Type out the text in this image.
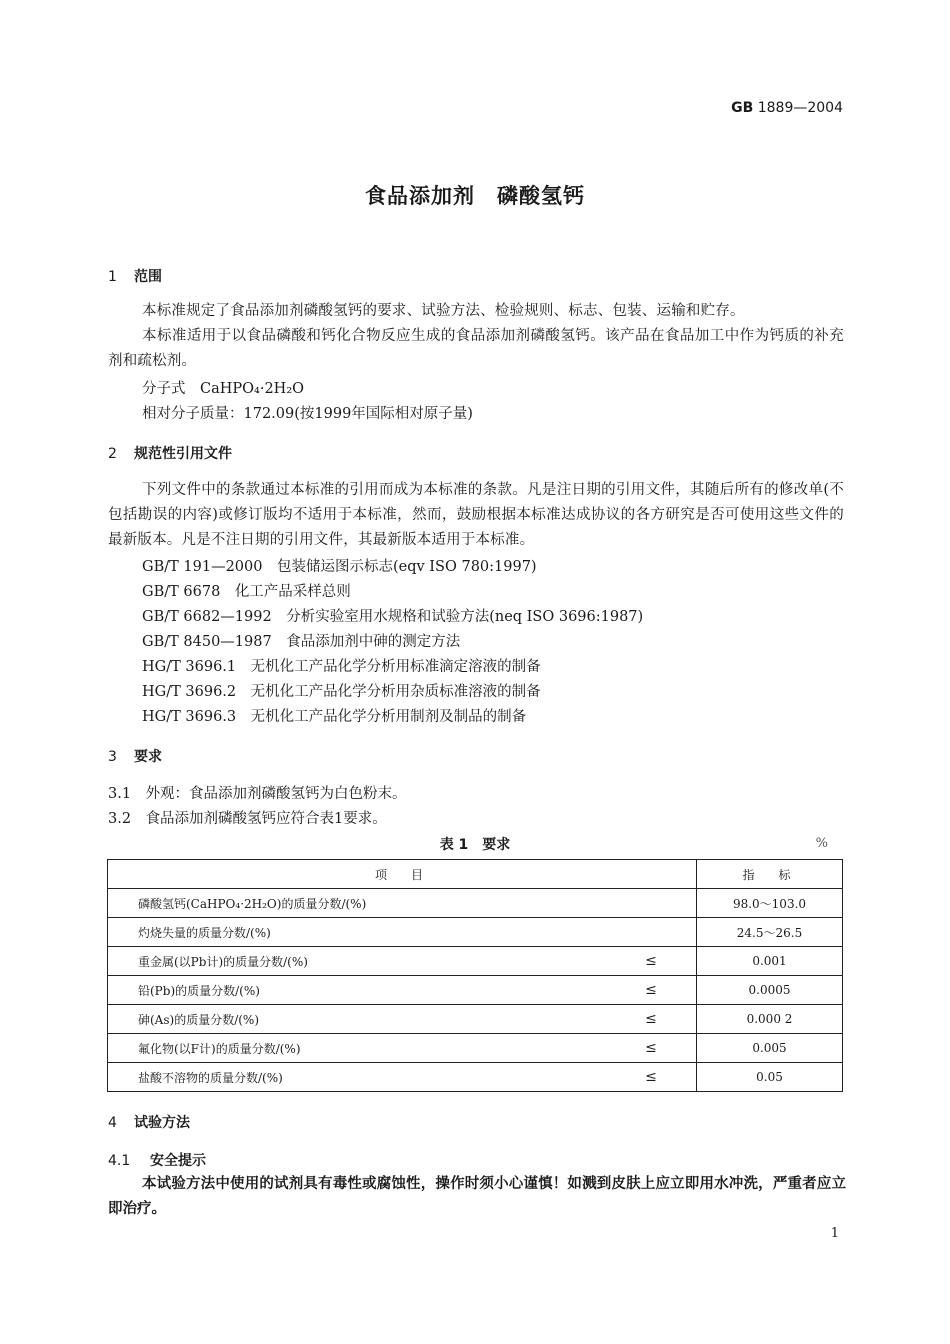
GB 1889—2004
食品添加剂　磷酸氢钙
1 范围
本标准规定了食品添加剂磷酸氢钙的要求、试验方法、检验规则、标志、包装、运输和贮存。
本标准适用于以食品磷酸和钙化合物反应生成的食品添加剂磷酸氢钙。该产品在食品加工中作为钙质的补充剂和疏松剂。
分子式　 CaHPO₄·2H₂O
相对分子质量：172.09(按1999年国际相对原子量)
2 规范性引用文件
下列文件中的条款通过本标准的引用而成为本标准的条款。凡是注日期的引用文件，其随后所有的修改单(不包括勘误的内容)或修订版均不适用于本标准，然而，鼓励根据本标准达成协议的各方研究是否可使用这些文件的最新版本。凡是不注日期的引用文件，其最新版本适用于本标准。
GB/T 191—2000　 包装储运图示标志(eqv ISO 780:1997)
GB/T 6678　 化工产品采样总则
GB/T 6682—1992　 分析实验室用水规格和试验方法(neq ISO 3696:1987)
GB/T 8450—1987　 食品添加剂中砷的测定方法
HG/T 3696.1　 无机化工产品化学分析用标准滴定溶液的制备
HG/T 3696.2　 无机化工产品化学分析用杂质标准溶液的制备
HG/T 3696.3　 无机化工产品化学分析用制剂及制品的制备
3 要求
3.1　 外观：食品添加剂磷酸氢钙为白色粉末。
3.2　 食品添加剂磷酸氢钙应符合表1要求。
表 1　要求	%
项　目		指　标
磷酸氢钙(CaHPO₄·2H₂O)的质量分数/(%)		98.0～103.0
灼烧失量的质量分数/(%)		24.5～26.5
重金属(以Pb计)的质量分数/(%)	≤	0.001
铅(Pb)的质量分数/(%)	≤	0.0005
砷(As)的质量分数/(%)	≤	0.000 2
氟化物(以F计)的质量分数/(%)	≤	0.005
盐酸不溶物的质量分数/(%)	≤	0.05
4 试验方法
4.1 安全提示
本试验方法中使用的试剂具有毒性或腐蚀性，操作时须小心谨慎！如溅到皮肤上应立即用水冲洗，严重者应立即治疗。
1
